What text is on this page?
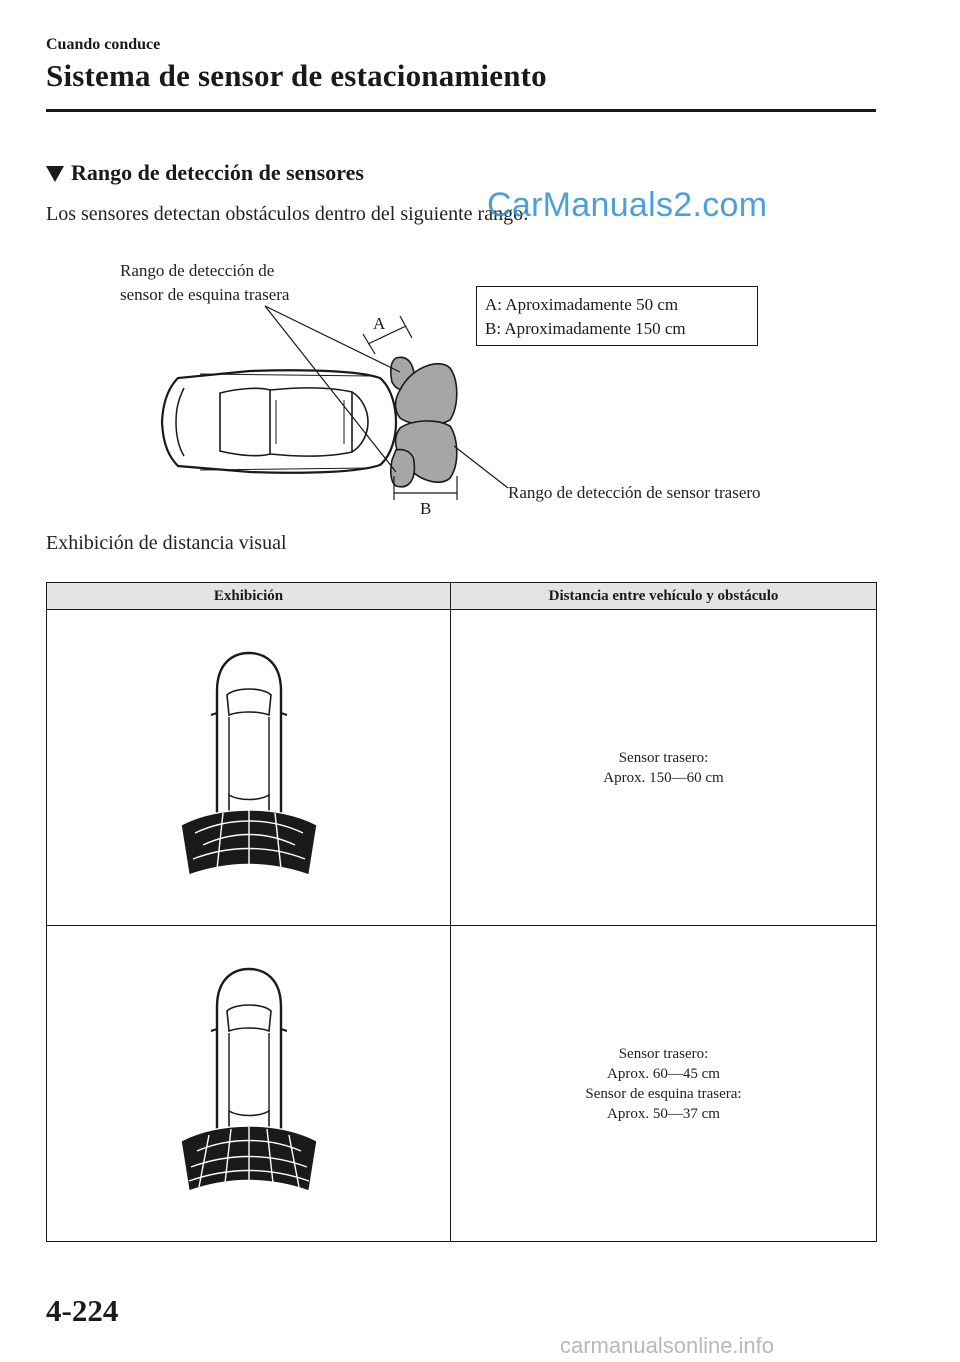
Cuando conduce
Sistema de sensor de estacionamiento
Rango de detección de sensores
Los sensores detectan obstáculos dentro del siguiente rango:
CarManuals2.com
A
B
Rango de detección de
sensor de esquina trasera
Rango de detección de sensor trasero
A: Aproximadamente 50 cm
B: Aproximadamente 150 cm
Exhibición de distancia visual
Exhibición	Distancia entre vehículo y obstáculo

Sensor trasero:
Aprox. 150—60 cm

Sensor trasero:
Aprox. 60—45 cm
Sensor de esquina trasera:
Aprox. 50—37 cm
4-224
carmanualsonline.info
